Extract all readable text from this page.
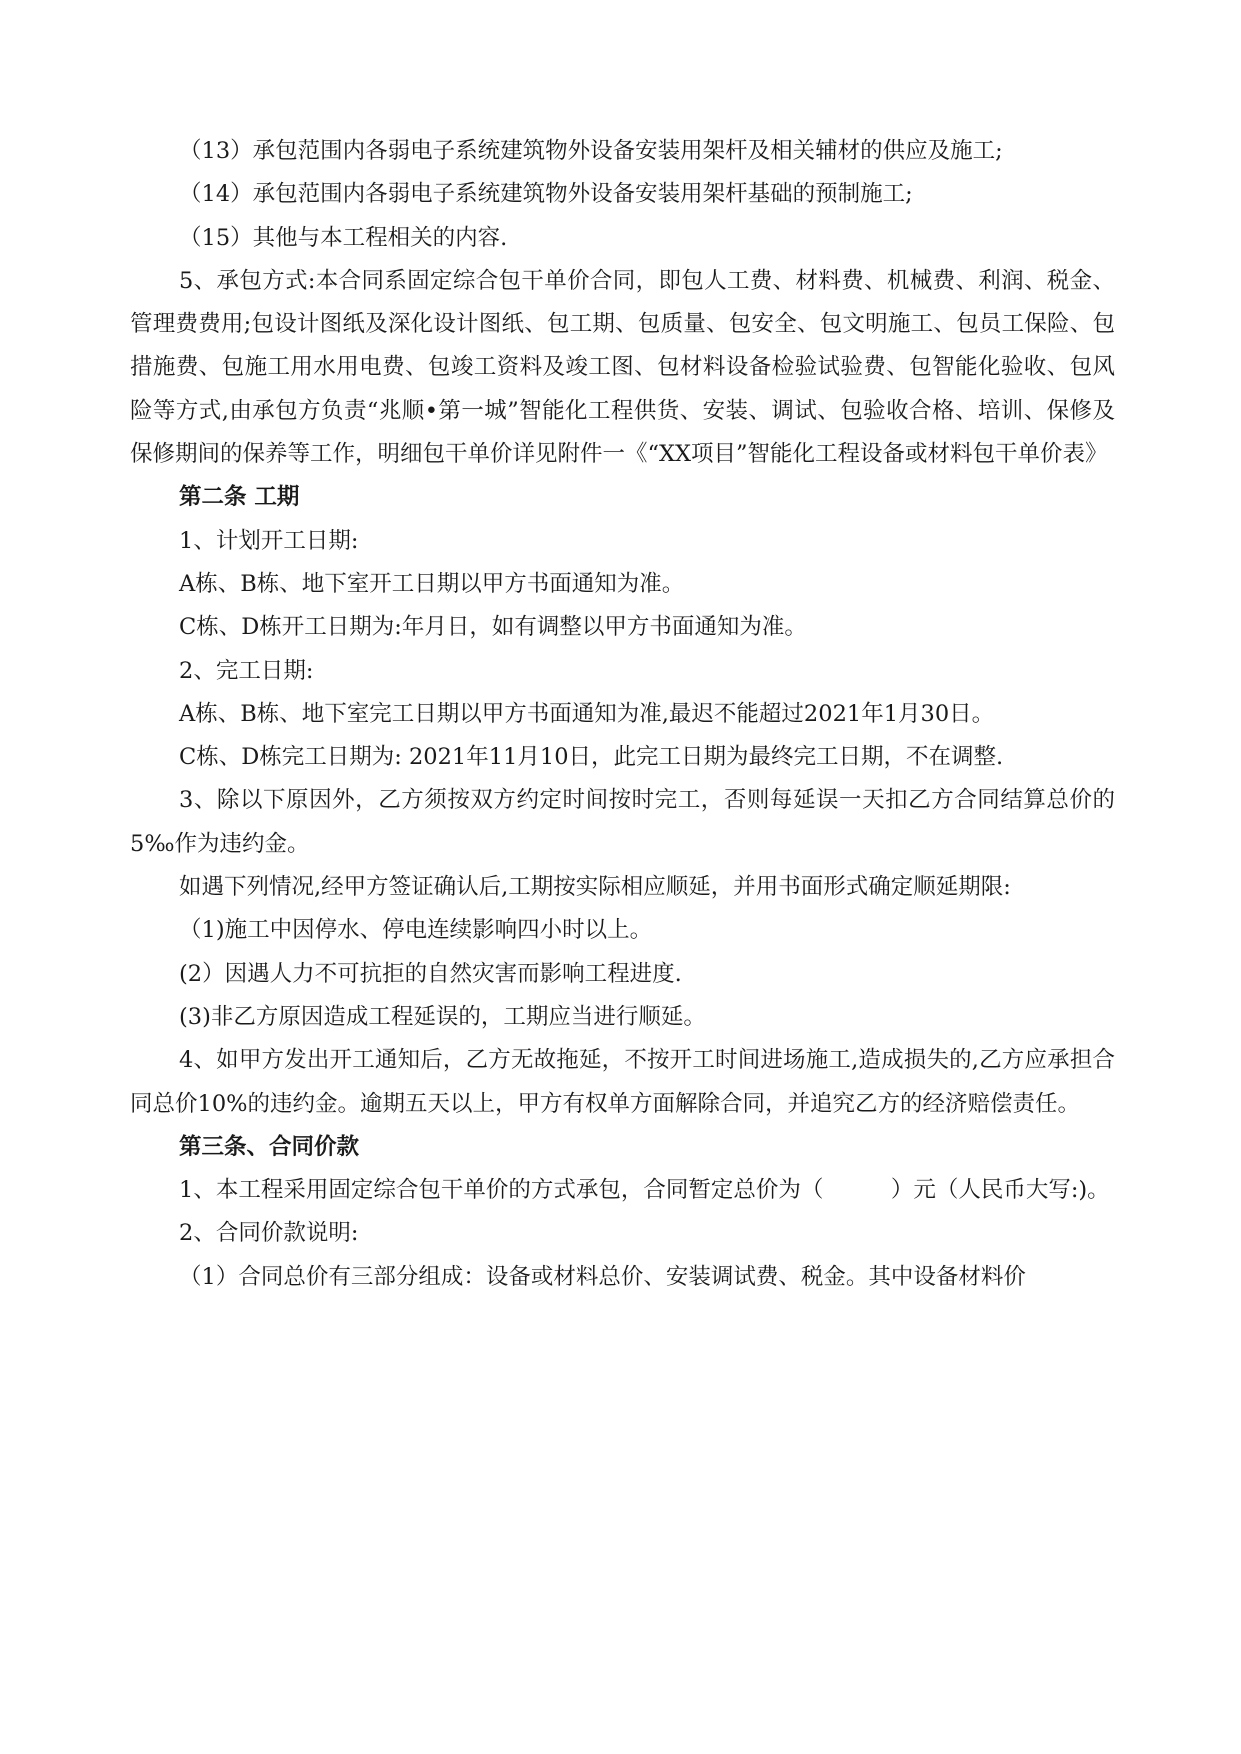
（13）承包范围内各弱电子系统建筑物外设备安装用架杆及相关辅材的供应及施工;

（14）承包范围内各弱电子系统建筑物外设备安装用架杆基础的预制施工;

（15）其他与本工程相关的内容.

5、承包方式:本合同系固定综合包干单价合同，即包人工费、材料费、机械费、利润、税金、管理费费用;包设计图纸及深化设计图纸、包工期、包质量、包安全、包文明施工、包员工保险、包措施费、包施工用水用电费、包竣工资料及竣工图、包材料设备检验试验费、包智能化验收、包风险等方式,由承包方负责“兆顺•第一城”智能化工程供货、安装、调试、包验收合格、培训、保修及保修期间的保养等工作，明细包干单价详见附件一《“XX项目”智能化工程设备或材料包干单价表》

第二条 工期

1、计划开工日期:

A栋、B栋、地下室开工日期以甲方书面通知为准。

C栋、D栋开工日期为:年月日，如有调整以甲方书面通知为准。

2、完工日期:

A栋、B栋、地下室完工日期以甲方书面通知为准,最迟不能超过2021年1月30日。

C栋、D栋完工日期为: 2021年11月10日，此完工日期为最终完工日期，不在调整.

3、除以下原因外，乙方须按双方约定时间按时完工，否则每延误一天扣乙方合同结算总价的5‰作为违约金。

如遇下列情况,经甲方签证确认后,工期按实际相应顺延，并用书面形式确定顺延期限:

（1)施工中因停水、停电连续影响四小时以上。

(2）因遇人力不可抗拒的自然灾害而影响工程进度.

(3)非乙方原因造成工程延误的，工期应当进行顺延。

4、如甲方发出开工通知后，乙方无故拖延，不按开工时间进场施工,造成损失的,乙方应承担合同总价10%的违约金。逾期五天以上，甲方有权单方面解除合同，并追究乙方的经济赔偿责任。

第三条、合同价款

1、本工程采用固定综合包干单价的方式承包，合同暂定总价为（　　　）元（人民币大写:)。

2、合同价款说明:

（1）合同总价有三部分组成：设备或材料总价、安装调试费、税金。其中设备材料价
